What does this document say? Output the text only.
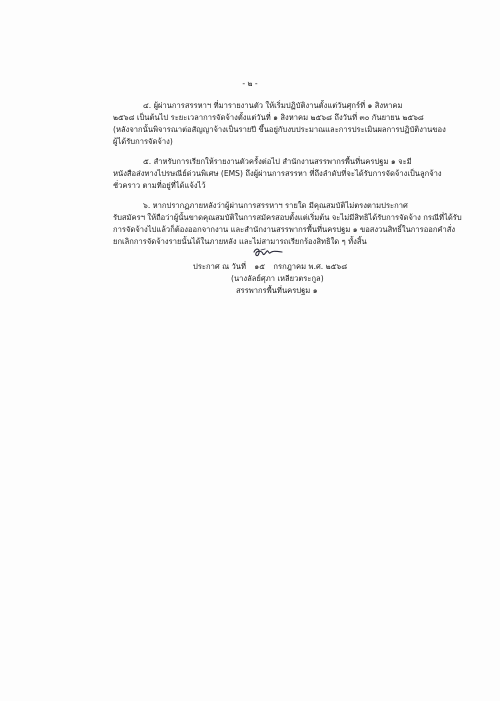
- ๒ -
๔. ผู้ผ่านการสรรหาฯ ที่มารายงานตัว ให้เริ่มปฏิบัติงานตั้งแต่วันศุกร์ที่ ๑ สิงหาคม
๒๕๖๘ เป็นต้นไป ระยะเวลาการจัดจ้างตั้งแต่วันที่ ๑ สิงหาคม ๒๕๖๘ ถึงวันที่ ๓๐ กันยายน ๒๕๖๘
(หลังจากนั้นพิจารณาต่อสัญญาจ้างเป็นรายปี ขึ้นอยู่กับงบประมาณและการประเมินผลการปฏิบัติงานของ
ผู้ได้รับการจัดจ้าง)
๕. สำหรับการเรียกให้รายงานตัวครั้งต่อไป สำนักงานสรรพากรพื้นที่นครปฐม ๑ จะมี
หนังสือส่งทางไปรษณีย์ด่วนพิเศษ (EMS) ถึงผู้ผ่านการสรรหา ที่ถึงลำดับที่จะได้รับการจัดจ้างเป็นลูกจ้าง
ชั่วคราว ตามที่อยู่ที่ได้แจ้งไว้
๖. หากปรากฏภายหลังว่าผู้ผ่านการสรรหาฯ รายใด มีคุณสมบัติไม่ตรงตามประกาศ
รับสมัครฯ ให้ถือว่าผู้นั้นขาดคุณสมบัติในการสมัครสอบตั้งแต่เริ่มต้น จะไม่มีสิทธิได้รับการจัดจ้าง กรณีที่ได้รับ
การจัดจ้างไปแล้วก็ต้องออกจากงาน และสำนักงานสรรพากรพื้นที่นครปฐม ๑ ขอสงวนสิทธิ์ในการออกคำสั่ง
ยกเลิกการจัดจ้างรายนั้นได้ในภายหลัง และไม่สามารถเรียกร้องสิทธิใด ๆ ทั้งสิ้น
ประกาศ ณ วันที่ ๑๕ กรกฎาคม พ.ศ. ๒๕๖๘
(นางลัลย์ศุภา เหลียวตระกูล)
สรรพากรพื้นที่นครปฐม ๑
